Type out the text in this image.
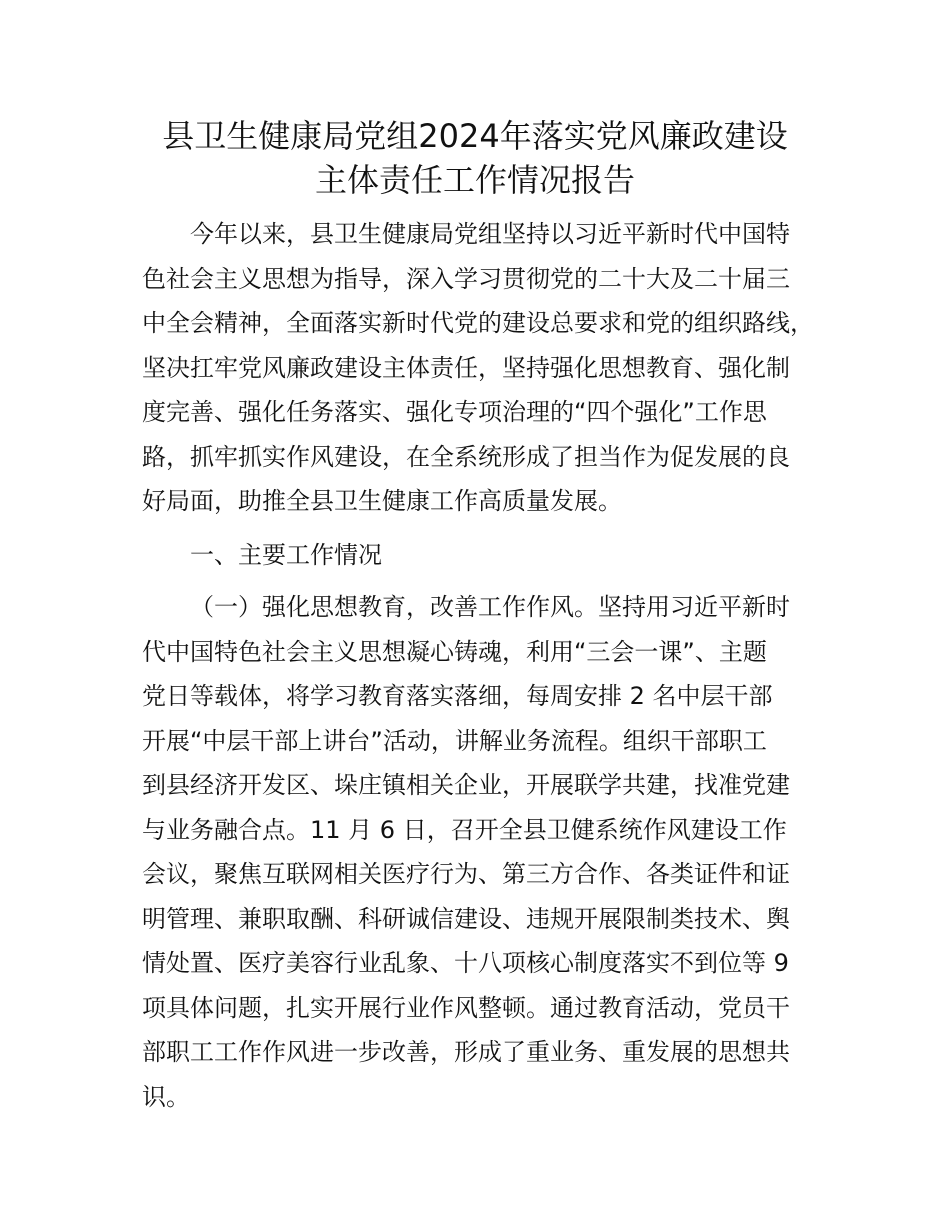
县卫生健康局党组2024年落实党风廉政建设
主体责任工作情况报告
今年以来，县卫生健康局党组坚持以习近平新时代中国特
色社会主义思想为指导，深入学习贯彻党的二十大及二十届三
中全会精神，全面落实新时代党的建设总要求和党的组织路线，
坚决扛牢党风廉政建设主体责任，坚持强化思想教育、强化制
度完善、强化任务落实、强化专项治理的“四个强化”工作思
路，抓牢抓实作风建设，在全系统形成了担当作为促发展的良
好局面，助推全县卫生健康工作高质量发展。
一、主要工作情况
（一）强化思想教育，改善工作作风。坚持用习近平新时
代中国特色社会主义思想凝心铸魂，利用“三会一课”、主题
党日等载体，将学习教育落实落细，每周安排 2 名中层干部
开展“中层干部上讲台”活动，讲解业务流程。组织干部职工
到县经济开发区、垛庄镇相关企业，开展联学共建，找准党建
与业务融合点。11 月 6 日，召开全县卫健系统作风建设工作
会议，聚焦互联网相关医疗行为、第三方合作、各类证件和证
明管理、兼职取酬、科研诚信建设、违规开展限制类技术、舆
情处置、医疗美容行业乱象、十八项核心制度落实不到位等 9
项具体问题，扎实开展行业作风整顿。通过教育活动，党员干
部职工工作作风进一步改善，形成了重业务、重发展的思想共
识。
